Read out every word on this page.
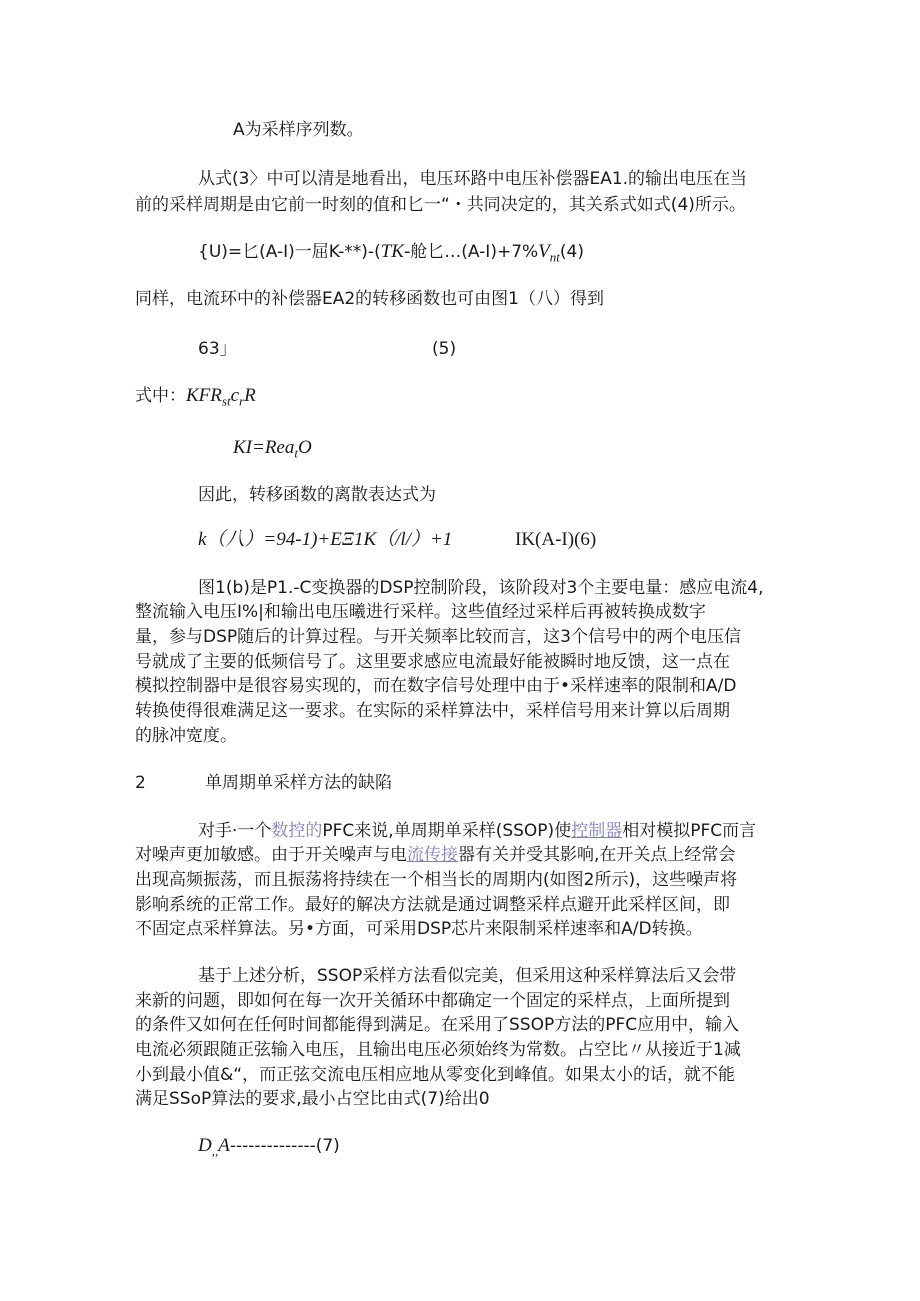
A为采样序列数。
从式(3〉中可以清是地看出，电压环路中电压补偿器EA1.的输出电压在当
前的采样周期是由它前一时刻的值和匕一“・共同决定的，其关系式如式(4)所示。
{U)=匕(A-I)一屈K-**)-(TK-舱匕$\dots(A-I)+7\%V_{nt}(4)$
同样，电流环中的补偿器EA2的转移函数也可由图1（八）得到
63」	(5)
式中：$KFR_{st}c_rR$
KI=Rea$_t$O
因此，转移函数的离散表达式为
k（八）=94-1)+EΞ1K（/l/）+1	IK(A-I)(6)
图1(b)是P1.-C变换器的DSP控制阶段，该阶段对3个主要电量：感应电流4,
整流输入电压I%|和输出电压曦进行采样。这些值经过采样后再被转换成数字
量，参与DSP随后的计算过程。与开关频率比较而言，这3个信号中的两个电压信
号就成了主要的低频信号了。这里要求感应电流最好能被瞬时地反馈，这一点在
模拟控制器中是很容易实现的，而在数字信号处理中由于•采样速率的限制和A/D
转换使得很难满足这一要求。在实际的采样算法中，采样信号用来计算以后周期
的脉冲宽度。
2	单周期单采样方法的缺陷
对手·一个数控的PFC来说,单周期单采样(SSOP)使控制器相对模拟PFC而言
对噪声更加敏感。由于开关噪声与电流传接器有关并受其影响,在开关点上经常会
出现高频振荡，而且振荡将持续在一个相当长的周期内(如图2所示)，这些噪声将
影响系统的正常工作。最好的解决方法就是通过调整采样点避开此采样区间，即
不固定点采样算法。另•方面，可采用DSP芯片来限制采样速率和A/D转换。
基于上述分析，SSOP采样方法看似完美，但采用这种采样算法后又会带
来新的问题，即如何在每一次开关循环中都确定一个固定的采样点，上面所提到
的条件又如何在任何时间都能得到满足。在采用了SSOP方法的PFC应用中，输入
电流必须跟随正弦输入电压，且输出电压必须始终为常数。占空比〃从接近于1减
小到最小值&“，而正弦交流电压相应地从零变化到峰值。如果太小的话，就不能
满足SSoP算法的要求,最小占空比由式(7)给出0
$D_{,,}A--------------(7)$
